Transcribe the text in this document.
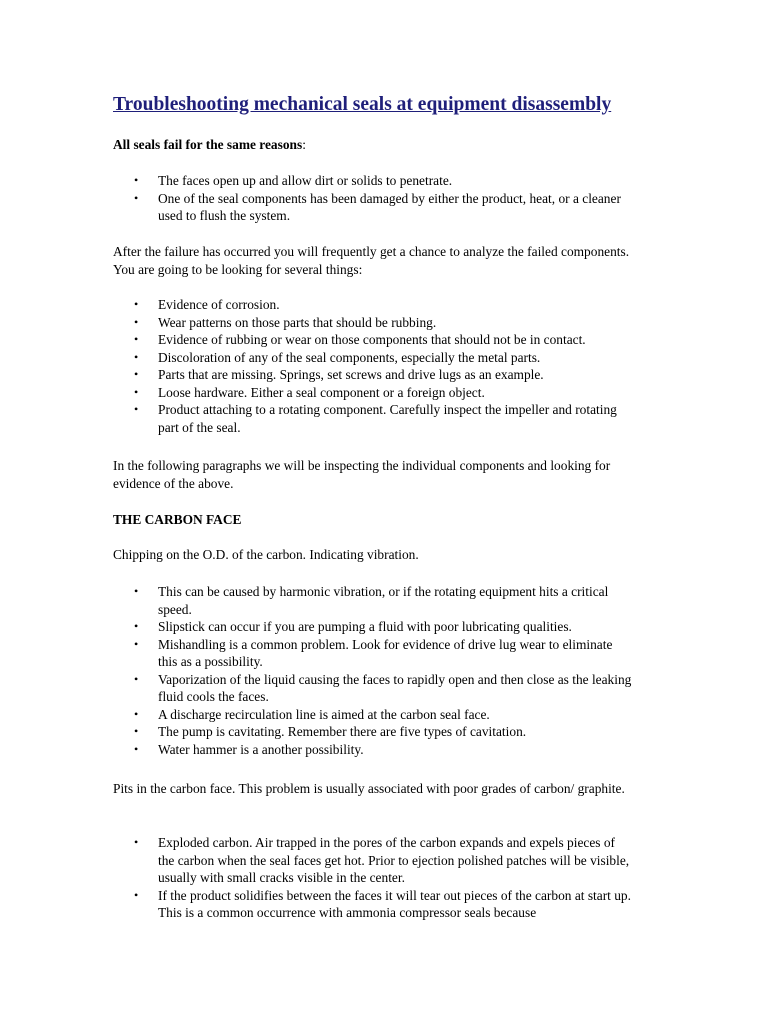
Troubleshooting mechanical seals at equipment disassembly

All seals fail for the same reasons:

• The faces open up and allow dirt or solids to penetrate.
• One of the seal components has been damaged by either the product, heat, or a cleaner used to flush the system.

After the failure has occurred you will frequently get a chance to analyze the failed components. You are going to be looking for several things:

• Evidence of corrosion.
• Wear patterns on those parts that should be rubbing.
• Evidence of rubbing or wear on those components that should not be in contact.
• Discoloration of any of the seal components, especially the metal parts.
• Parts that are missing. Springs, set screws and drive lugs as an example.
• Loose hardware. Either a seal component or a foreign object.
• Product attaching to a rotating component. Carefully inspect the impeller and rotating part of the seal.

In the following paragraphs we will be inspecting the individual components and looking for evidence of the above.

THE CARBON FACE

Chipping on the O.D. of the carbon. Indicating vibration.

• This can be caused by harmonic vibration, or if the rotating equipment hits a critical speed.
• Slipstick can occur if you are pumping a fluid with poor lubricating qualities.
• Mishandling is a common problem. Look for evidence of drive lug wear to eliminate this as a possibility.
• Vaporization of the liquid causing the faces to rapidly open and then close as the leaking fluid cools the faces.
• A discharge recirculation line is aimed at the carbon seal face.
• The pump is cavitating. Remember there are five types of cavitation.
• Water hammer is a another possibility.

Pits in the carbon face. This problem is usually associated with poor grades of carbon/ graphite.

• Exploded carbon. Air trapped in the pores of the carbon expands and expels pieces of the carbon when the seal faces get hot. Prior to ejection polished patches will be visible, usually with small cracks visible in the center.
• If the product solidifies between the faces it will tear out pieces of the carbon at start up. This is a common occurrence with ammonia compressor seals because
